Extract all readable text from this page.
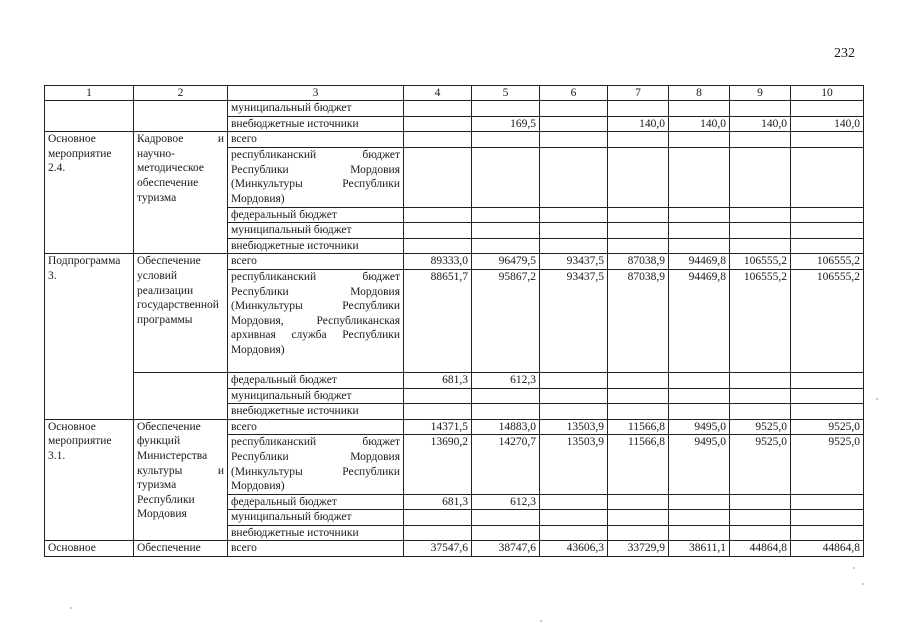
232
1	2	3	4	5	6	7	8	9	10
		муниципальный бюджет							
		внебюджетные источники		169,5		140,0	140,0	140,0	140,0
Основное мероприятие 2.4.	Кадровое и научно-методическое обеспечение туризма	всего							
		республиканский бюджет Республики Мордовия (Минкультуры Республики Мордовия)							
		федеральный бюджет							
		муниципальный бюджет							
		внебюджетные источники							
Подпрограмма 3.	Обеспечение условий реализации государственной программы	всего	89333,0	96479,5	93437,5	87038,9	94469,8	106555,2	106555,2
		республиканский бюджет Республики Мордовия (Минкультуры Республики Мордовия, Республиканская архивная служба Республики Мордовия)	88651,7	95867,2	93437,5	87038,9	94469,8	106555,2	106555,2
		федеральный бюджет	681,3	612,3					
		муниципальный бюджет							
		внебюджетные источники							
Основное мероприятие 3.1.	Обеспечение функций Министерства культуры и туризма Республики Мордовия	всего	14371,5	14883,0	13503,9	11566,8	9495,0	9525,0	9525,0
		республиканский бюджет Республики Мордовия (Минкультуры Республики Мордовия)	13690,2	14270,7	13503,9	11566,8	9495,0	9525,0	9525,0
		федеральный бюджет	681,3	612,3					
		муниципальный бюджет							
		внебюджетные источники							
Основное	Обеспечение	всего	37547,6	38747,6	43606,3	33729,9	38611,1	44864,8	44864,8
